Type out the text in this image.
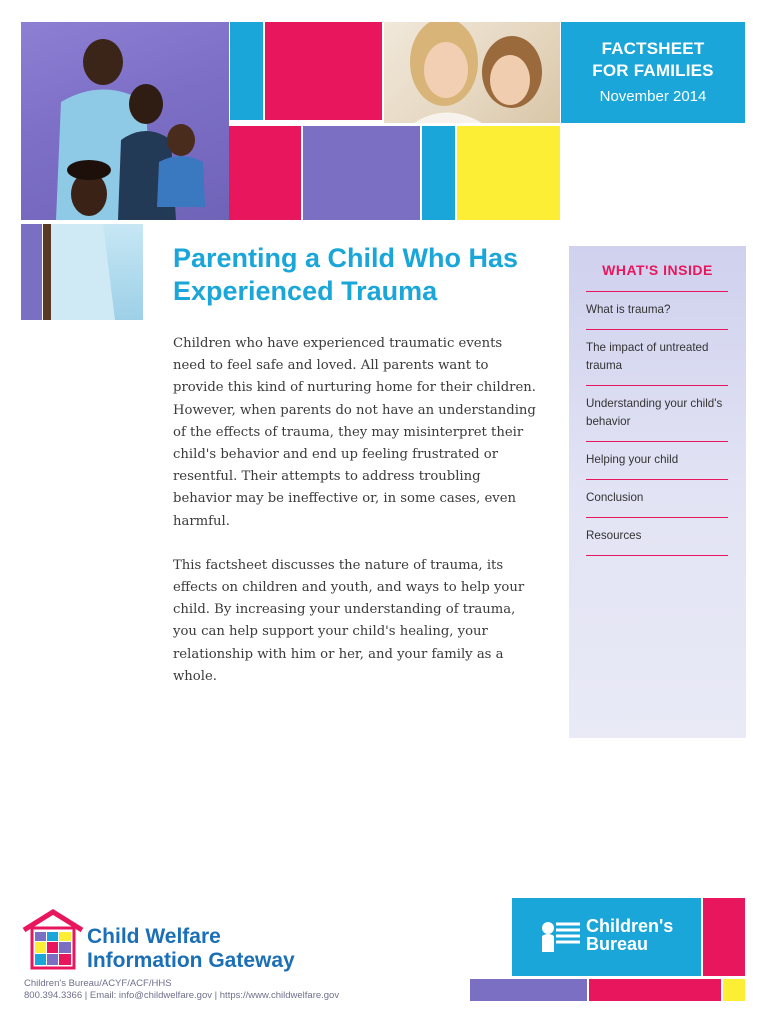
FACTSHEET
FOR FAMILIES
November 2014
Parenting a Child Who Has
Experienced Trauma

Children who have experienced traumatic events need to feel safe and loved. All parents want to provide this kind of nurturing home for their children. However, when parents do not have an understanding of the effects of trauma, they may misinterpret their child's behavior and end up feeling frustrated or resentful. Their attempts to address troubling behavior may be ineffective or, in some cases, even harmful.

This factsheet discusses the nature of trauma, its effects on children and youth, and ways to help your child. By increasing your understanding of trauma, you can help support your child's healing, your relationship with him or her, and your family as a whole.

WHAT'S INSIDE
What is trauma?
The impact of untreated trauma
Understanding your child's behavior
Helping your child
Conclusion
Resources
Child Welfare
Information Gateway
Children's Bureau/ACYF/ACF/HHS
800.394.3366 | Email: info@childwelfare.gov | https://www.childwelfare.gov
Children's
Bureau
